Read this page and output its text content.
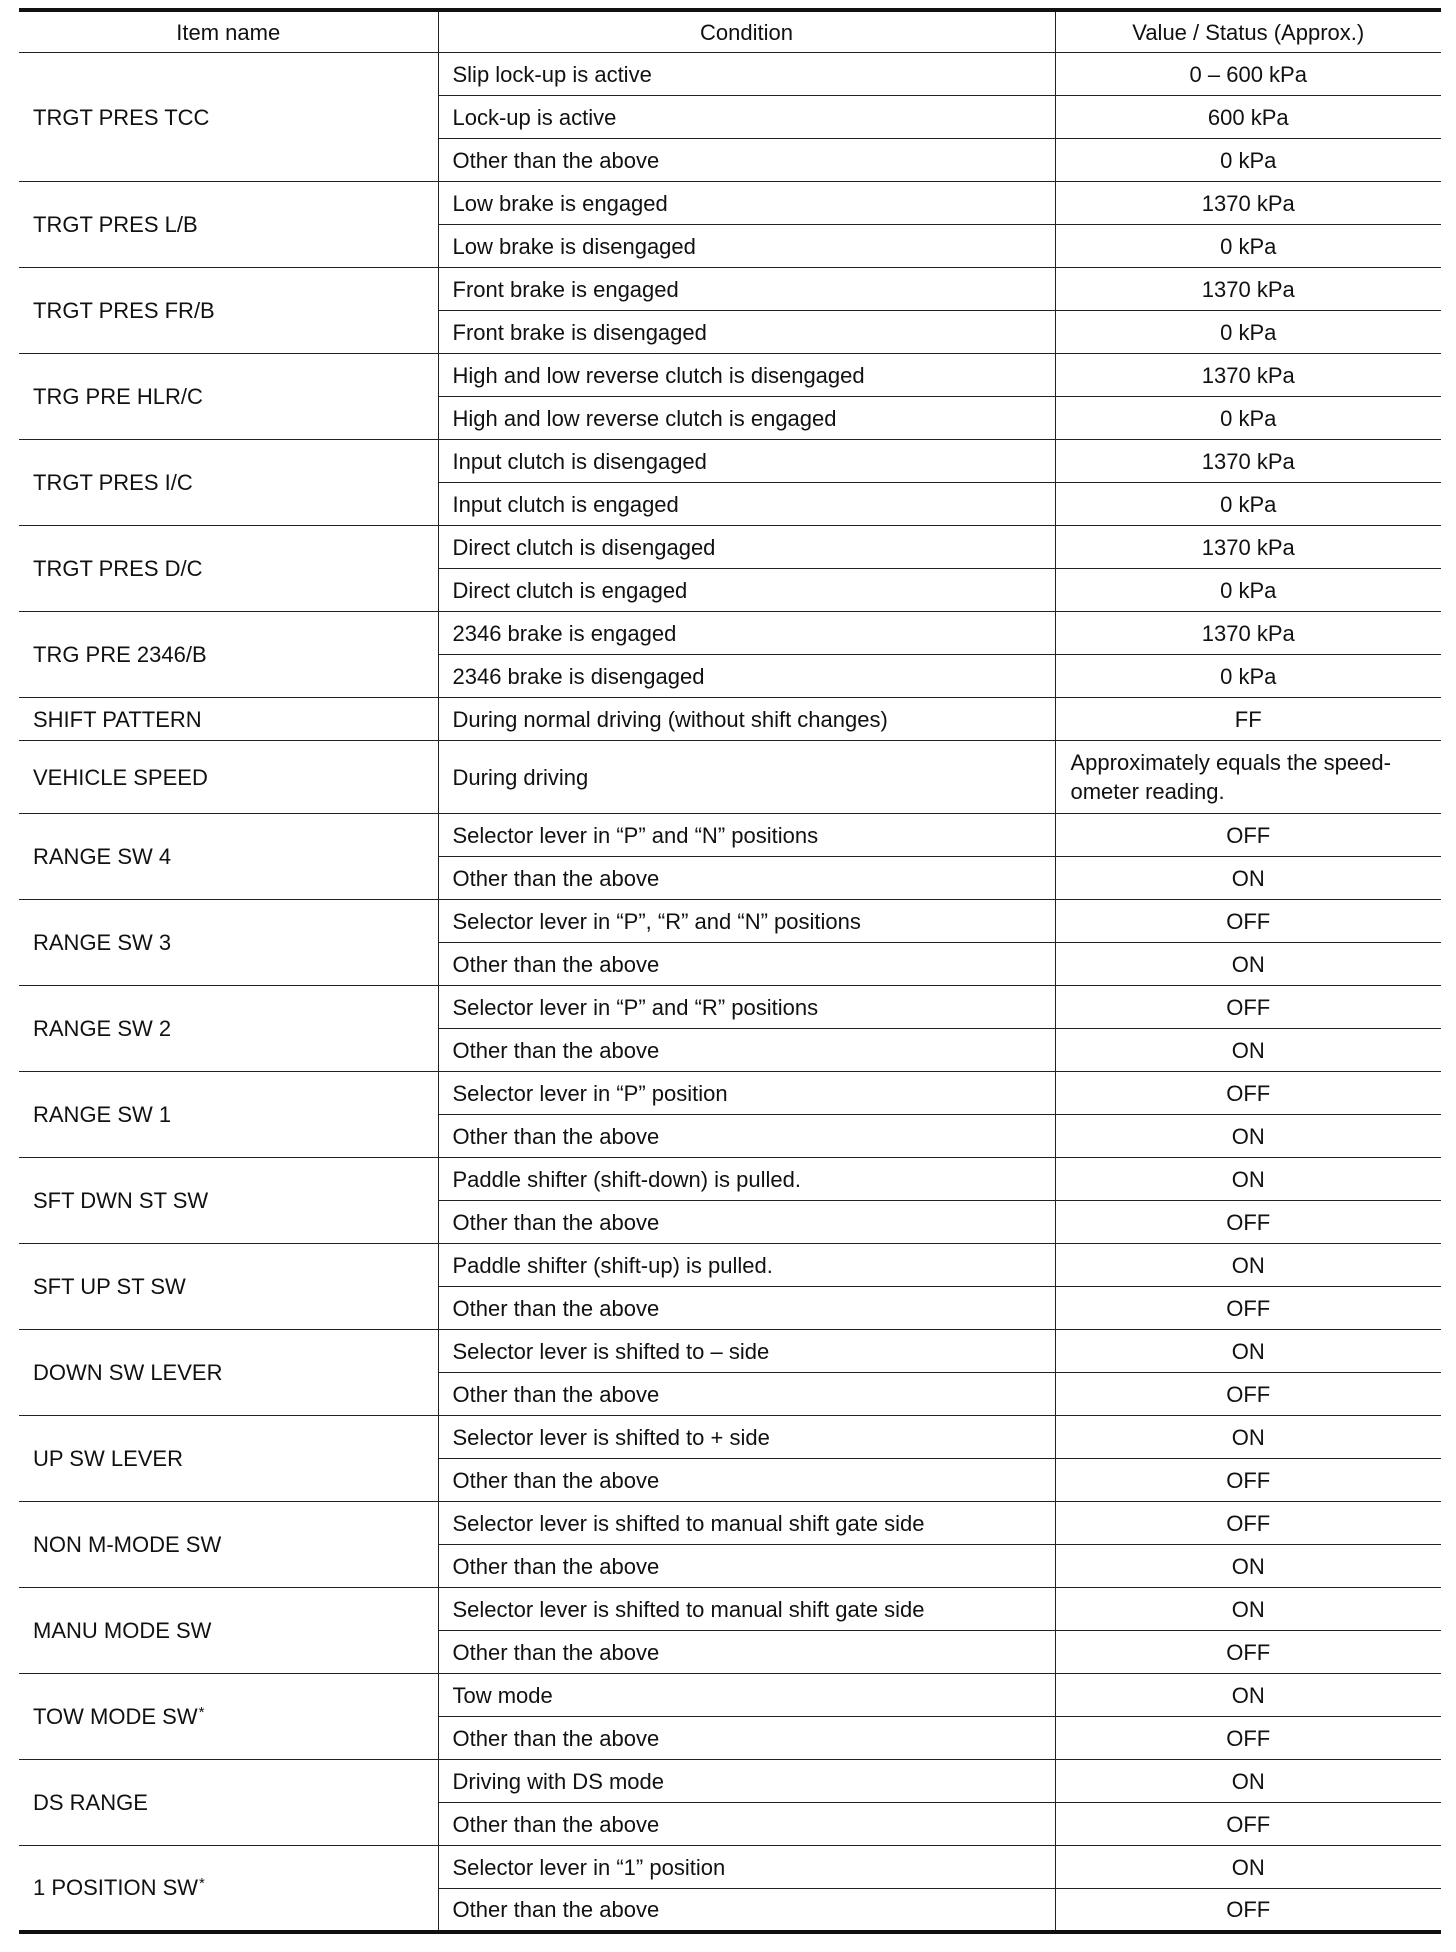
Item name	Condition	Value / Status (Approx.)
TRGT PRES TCC	Slip lock-up is active	0 – 600 kPa
	Lock-up is active	600 kPa
	Other than the above	0 kPa
TRGT PRES L/B	Low brake is engaged	1370 kPa
	Low brake is disengaged	0 kPa
TRGT PRES FR/B	Front brake is engaged	1370 kPa
	Front brake is disengaged	0 kPa
TRG PRE HLR/C	High and low reverse clutch is disengaged	1370 kPa
	High and low reverse clutch is engaged	0 kPa
TRGT PRES I/C	Input clutch is disengaged	1370 kPa
	Input clutch is engaged	0 kPa
TRGT PRES D/C	Direct clutch is disengaged	1370 kPa
	Direct clutch is engaged	0 kPa
TRG PRE 2346/B	2346 brake is engaged	1370 kPa
	2346 brake is disengaged	0 kPa
SHIFT PATTERN	During normal driving (without shift changes)	FF
VEHICLE SPEED	During driving	Approximately equals the speed-
ometer reading.

RANGE SW 4	Selector lever in “P” and “N” positions	OFF
	Other than the above	ON
RANGE SW 3	Selector lever in “P”, “R” and “N” positions	OFF
	Other than the above	ON
RANGE SW 2	Selector lever in “P” and “R” positions	OFF
	Other than the above	ON
RANGE SW 1	Selector lever in “P” position	OFF
	Other than the above	ON
SFT DWN ST SW	Paddle shifter (shift-down) is pulled.	ON
	Other than the above	OFF
SFT UP ST SW	Paddle shifter (shift-up) is pulled.	ON
	Other than the above	OFF
DOWN SW LEVER	Selector lever is shifted to – side	ON
	Other than the above	OFF
UP SW LEVER	Selector lever is shifted to + side	ON
	Other than the above	OFF
NON M-MODE SW	Selector lever is shifted to manual shift gate side	OFF
	Other than the above	ON
MANU MODE SW	Selector lever is shifted to manual shift gate side	ON
	Other than the above	OFF
TOW MODE SW*	Tow mode	ON
	Other than the above	OFF
DS RANGE	Driving with DS mode	ON
	Other than the above	OFF
1 POSITION SW*	Selector lever in “1” position	ON
	Other than the above	OFF
